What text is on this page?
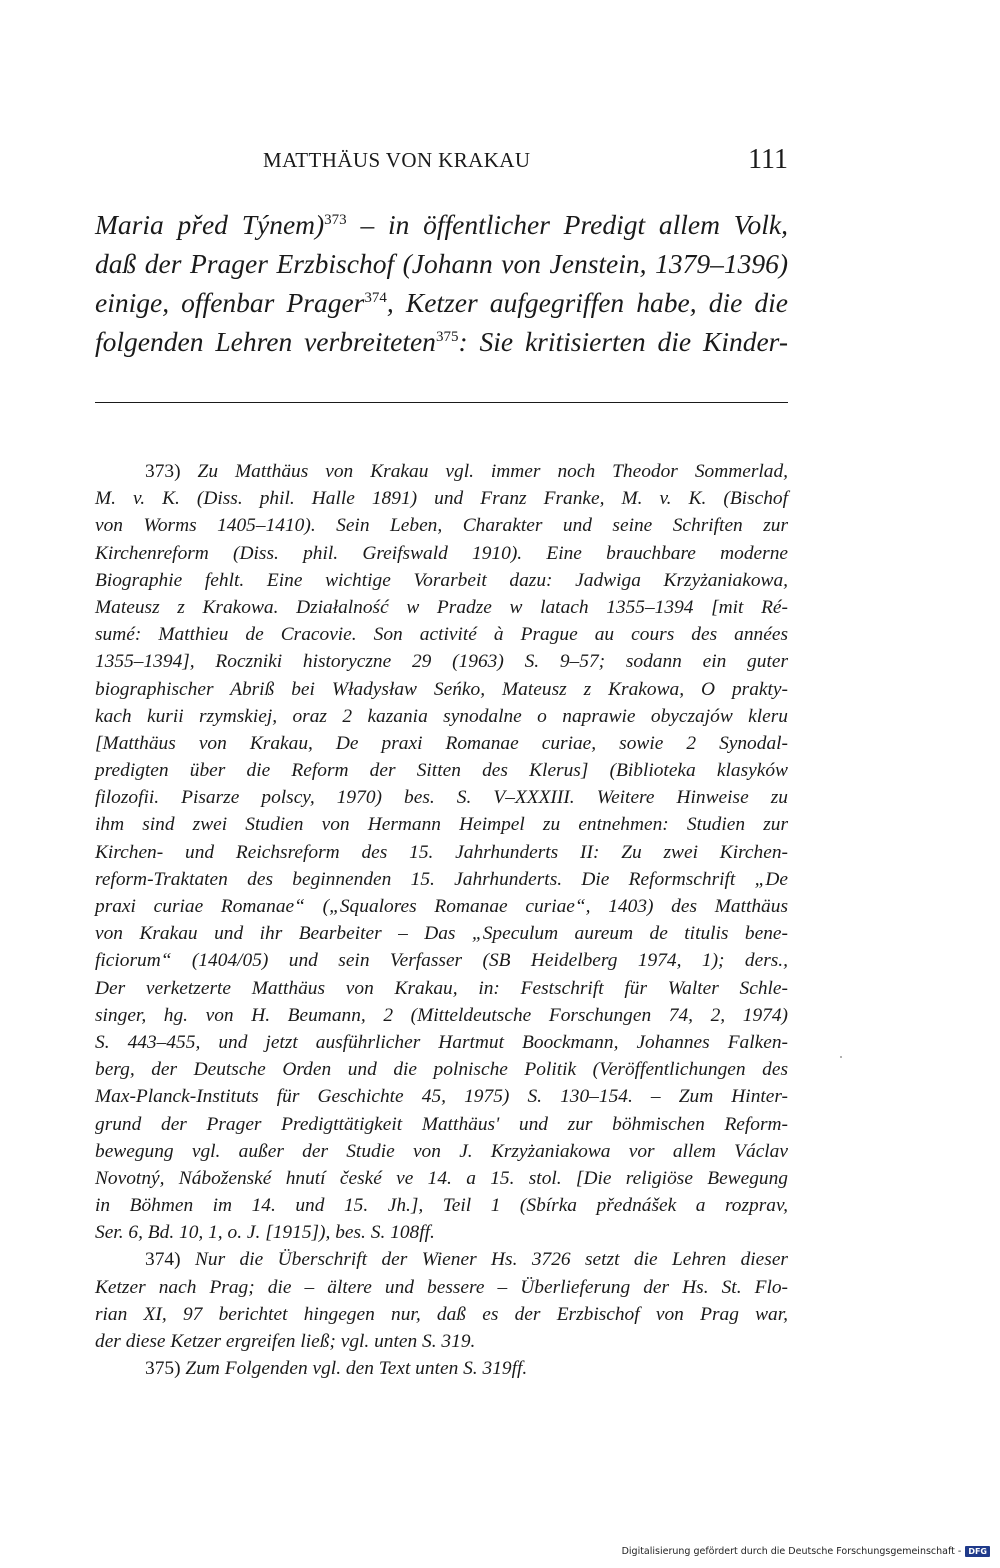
MATTHÄUS VON KRAKAU	111
Maria před Týnem)$^{373}$ – in öffentlicher Predigt allem Volk,
daß der Prager Erzbischof (Johann von Jenstein, 1379–1396)
einige, offenbar Prager$^{374}$, Ketzer aufgegriffen habe, die die
folgenden Lehren verbreiteten$^{375}$: Sie kritisierten die Kinder-
373) Zu Matthäus von Krakau vgl. immer noch Theodor Sommerlad,
M. v. K. (Diss. phil. Halle 1891) und Franz Franke, M. v. K. (Bischof
von Worms 1405–1410). Sein Leben, Charakter und seine Schriften zur
Kirchenreform (Diss. phil. Greifswald 1910). Eine brauchbare moderne
Biographie fehlt. Eine wichtige Vorarbeit dazu: Jadwiga Krzyżaniakowa,
Mateusz z Krakowa. Działalność w Pradze w latach 1355–1394 [mit Ré-
sumé: Matthieu de Cracovie. Son activité à Prague au cours des années
1355–1394], Roczniki historyczne 29 (1963) S. 9–57; sodann ein guter
biographischer Abriß bei Władysław Seńko, Mateusz z Krakowa, O prakty-
kach kurii rzymskiej, oraz 2 kazania synodalne o naprawie obyczajów kleru
[Matthäus von Krakau, De praxi Romanae curiae, sowie 2 Synodal-
predigten über die Reform der Sitten des Klerus] (Biblioteka klasyków
filozofii. Pisarze polscy, 1970) bes. S. V–XXXIII. Weitere Hinweise zu
ihm sind zwei Studien von Hermann Heimpel zu entnehmen: Studien zur
Kirchen- und Reichsreform des 15. Jahrhunderts II: Zu zwei Kirchen-
reform-Traktaten des beginnenden 15. Jahrhunderts. Die Reformschrift „De
praxi curiae Romanae“ („Squalores Romanae curiae“, 1403) des Matthäus
von Krakau und ihr Bearbeiter – Das „Speculum aureum de titulis bene-
ficiorum“ (1404/05) und sein Verfasser (SB Heidelberg 1974, 1); ders.,
Der verketzerte Matthäus von Krakau, in: Festschrift für Walter Schle-
singer, hg. von H. Beumann, 2 (Mitteldeutsche Forschungen 74, 2, 1974)
S. 443–455, und jetzt ausführlicher Hartmut Boockmann, Johannes Falken-
berg, der Deutsche Orden und die polnische Politik (Veröffentlichungen des
Max-Planck-Instituts für Geschichte 45, 1975) S. 130–154. – Zum Hinter-
grund der Prager Predigttätigkeit Matthäus' und zur böhmischen Reform-
bewegung vgl. außer der Studie von J. Krzyżaniakowa vor allem Václav
Novotný, Náboženské hnutí české ve 14. a 15. stol. [Die religiöse Bewegung
in Böhmen im 14. und 15. Jh.], Teil 1 (Sbírka přednášek a rozprav,
Ser. 6, Bd. 10, 1, o. J. [1915]), bes. S. 108ff.
374) Nur die Überschrift der Wiener Hs. 3726 setzt die Lehren dieser
Ketzer nach Prag; die – ältere und bessere – Überlieferung der Hs. St. Flo-
rian XI, 97 berichtet hingegen nur, daß es der Erzbischof von Prag war,
der diese Ketzer ergreifen ließ; vgl. unten S. 319.
375) Zum Folgenden vgl. den Text unten S. 319ff.
Digitalisierung gefördert durch die Deutsche Forschungsgemeinschaft - DFG
